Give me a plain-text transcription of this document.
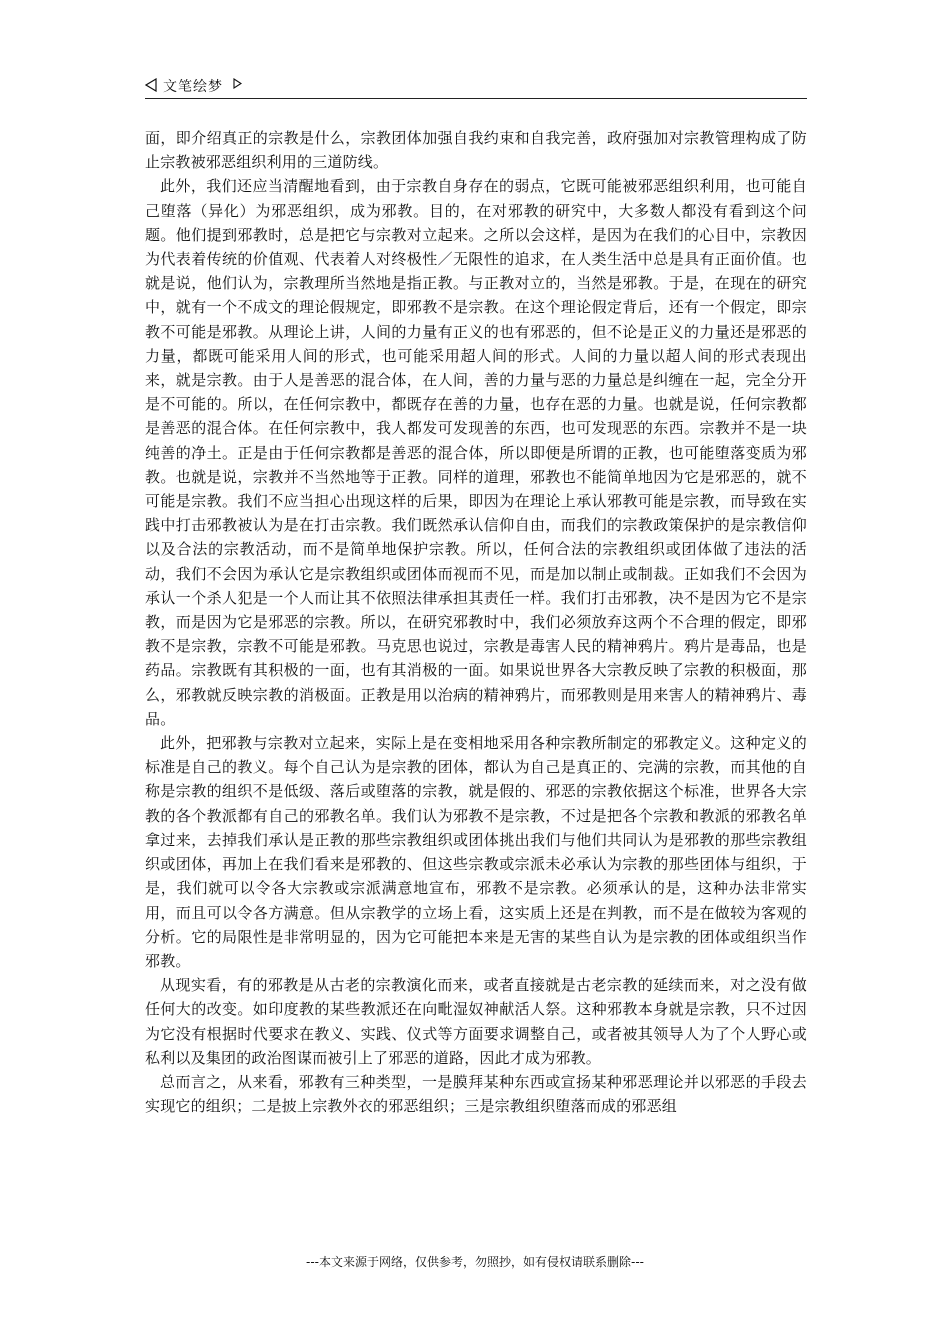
文笔绘梦

面，即介绍真正的宗教是什么，宗教团体加强自我约束和自我完善，政府强加对宗教管理构成了防止宗教被邪恶组织利用的三道防线。

此外，我们还应当清醒地看到，由于宗教自身存在的弱点，它既可能被邪恶组织利用，也可能自己堕落（异化）为邪恶组织，成为邪教。目的，在对邪教的研究中，大多数人都没有看到这个问题。他们提到邪教时，总是把它与宗教对立起来。之所以会这样，是因为在我们的心目中，宗教因为代表着传统的价值观、代表着人对终极性／无限性的追求，在人类生活中总是具有正面价值。也就是说，他们认为，宗教理所当然地是指正教。与正教对立的，当然是邪教。于是，在现在的研究中，就有一个不成文的理论假规定，即邪教不是宗教。在这个理论假定背后，还有一个假定，即宗教不可能是邪教。从理论上讲，人间的力量有正义的也有邪恶的，但不论是正义的力量还是邪恶的力量，都既可能采用人间的形式，也可能采用超人间的形式。人间的力量以超人间的形式表现出来，就是宗教。由于人是善恶的混合体，在人间，善的力量与恶的力量总是纠缠在一起，完全分开是不可能的。所以，在任何宗教中，都既存在善的力量，也存在恶的力量。也就是说，任何宗教都是善恶的混合体。在任何宗教中，我人都发可发现善的东西，也可发现恶的东西。宗教并不是一块纯善的净土。正是由于任何宗教都是善恶的混合体，所以即便是所谓的正教，也可能堕落变质为邪教。也就是说，宗教并不当然地等于正教。同样的道理，邪教也不能简单地因为它是邪恶的，就不可能是宗教。我们不应当担心出现这样的后果，即因为在理论上承认邪教可能是宗教，而导致在实践中打击邪教被认为是在打击宗教。我们既然承认信仰自由，而我们的宗教政策保护的是宗教信仰以及合法的宗教活动，而不是简单地保护宗教。所以，任何合法的宗教组织或团体做了违法的活动，我们不会因为承认它是宗教组织或团体而视而不见，而是加以制止或制裁。正如我们不会因为承认一个杀人犯是一个人而让其不依照法律承担其责任一样。我们打击邪教，决不是因为它不是宗教，而是因为它是邪恶的宗教。所以，在研究邪教时中，我们必须放弃这两个不合理的假定，即邪教不是宗教，宗教不可能是邪教。马克思也说过，宗教是毒害人民的精神鸦片。鸦片是毒品，也是药品。宗教既有其积极的一面，也有其消极的一面。如果说世界各大宗教反映了宗教的积极面，那么，邪教就反映宗教的消极面。正教是用以治病的精神鸦片，而邪教则是用来害人的精神鸦片、毒品。

此外，把邪教与宗教对立起来，实际上是在变相地采用各种宗教所制定的邪教定义。这种定义的标准是自己的教义。每个自己认为是宗教的团体，都认为自己是真正的、完满的宗教，而其他的自称是宗教的组织不是低级、落后或堕落的宗教，就是假的、邪恶的宗教依据这个标准，世界各大宗教的各个教派都有自己的邪教名单。我们认为邪教不是宗教，不过是把各个宗教和教派的邪教名单拿过来，去掉我们承认是正教的那些宗教组织或团体挑出我们与他们共同认为是邪教的那些宗教组织或团体，再加上在我们看来是邪教的、但这些宗教或宗派未必承认为宗教的那些团体与组织，于是，我们就可以令各大宗教或宗派满意地宣布，邪教不是宗教。必须承认的是，这种办法非常实用，而且可以令各方满意。但从宗教学的立场上看，这实质上还是在判教，而不是在做较为客观的分析。它的局限性是非常明显的，因为它可能把本来是无害的某些自认为是宗教的团体或组织当作邪教。

从现实看，有的邪教是从古老的宗教演化而来，或者直接就是古老宗教的延续而来，对之没有做任何大的改变。如印度教的某些教派还在向毗湿奴神献活人祭。这种邪教本身就是宗教，只不过因为它没有根据时代要求在教义、实践、仪式等方面要求调整自己，或者被其领导人为了个人野心或私利以及集团的政治图谋而被引上了邪恶的道路，因此才成为邪教。

总而言之，从来看，邪教有三种类型，一是膜拜某种东西或宣扬某种邪恶理论并以邪恶的手段去实现它的组织；二是披上宗教外衣的邪恶组织；三是宗教组织堕落而成的邪恶组

---本文来源于网络，仅供参考，勿照抄，如有侵权请联系删除---
